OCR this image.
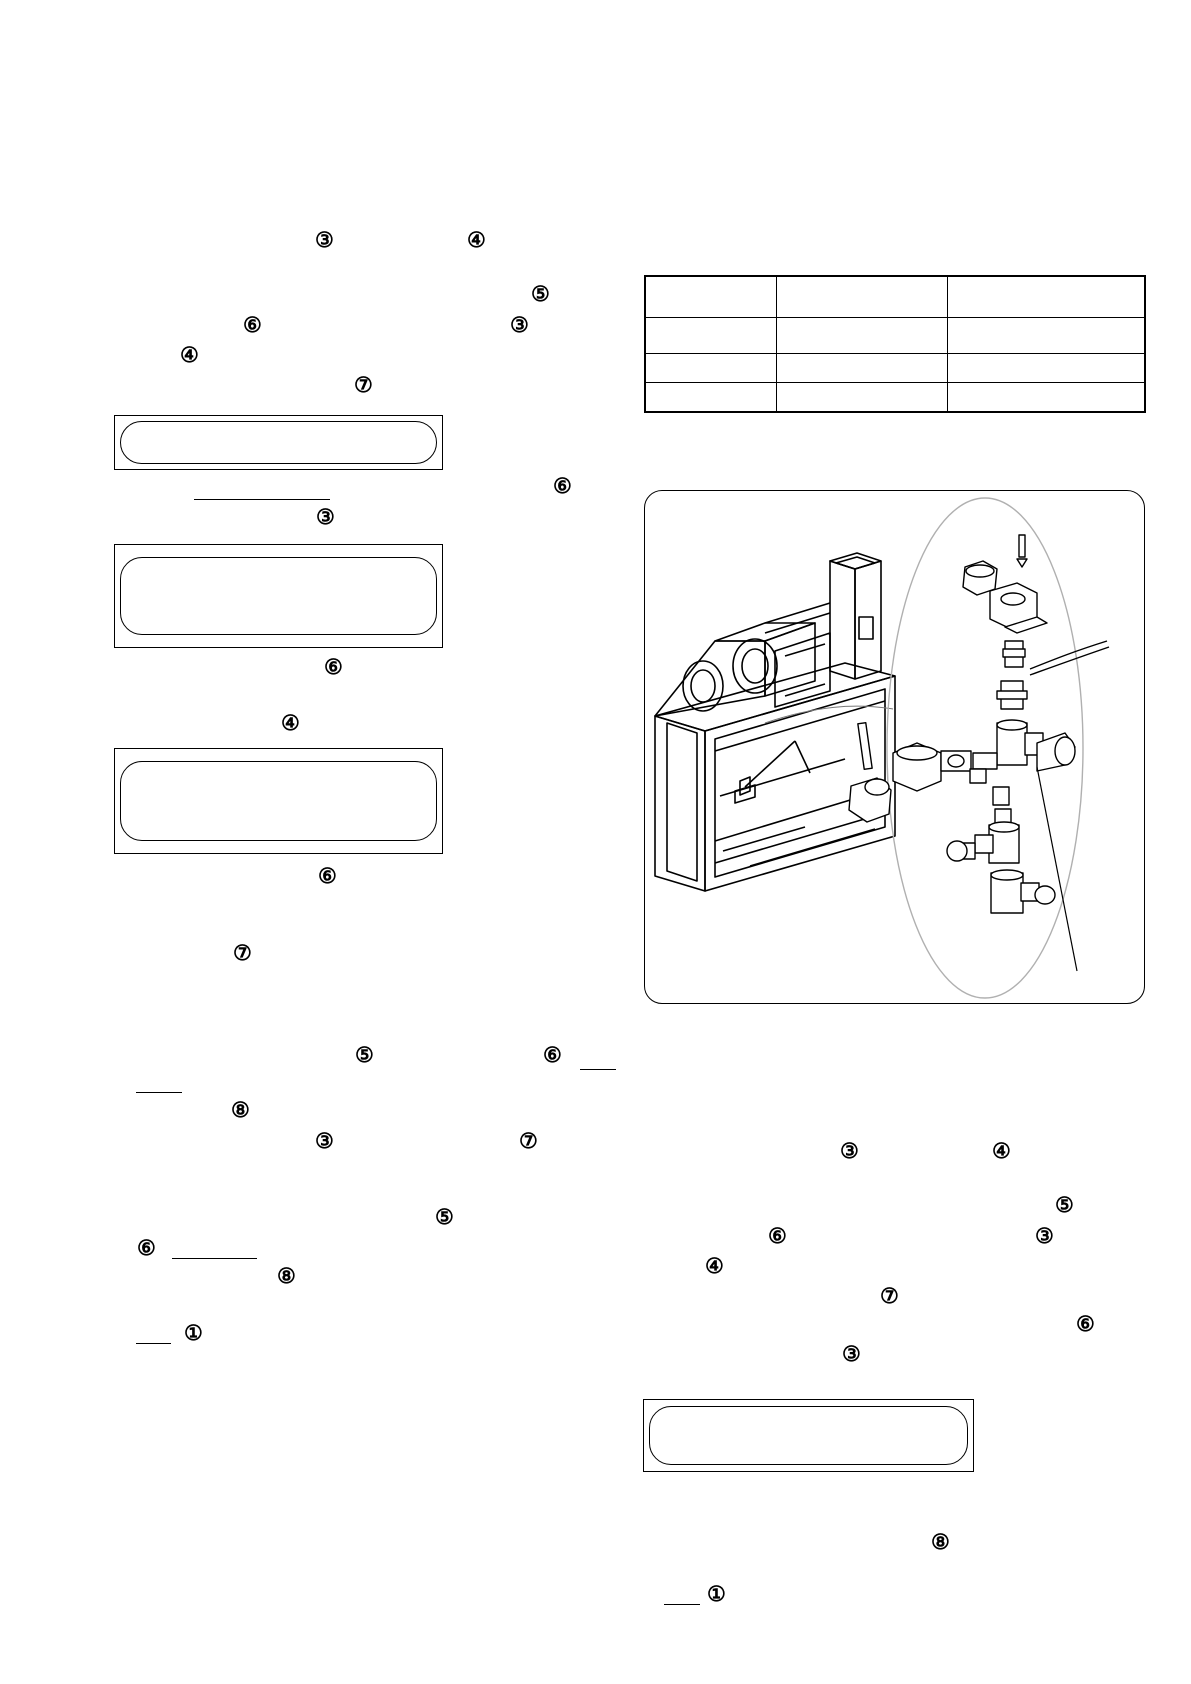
③	④
⑤
⑥	③
④
⑦
⑥
③
⑥
④
⑥
⑦
⑤	⑥
⑧
③	⑦
⑤
⑥
⑧
①

③	④
⑤
⑥	③
④
⑦
⑥
③
⑧
①
